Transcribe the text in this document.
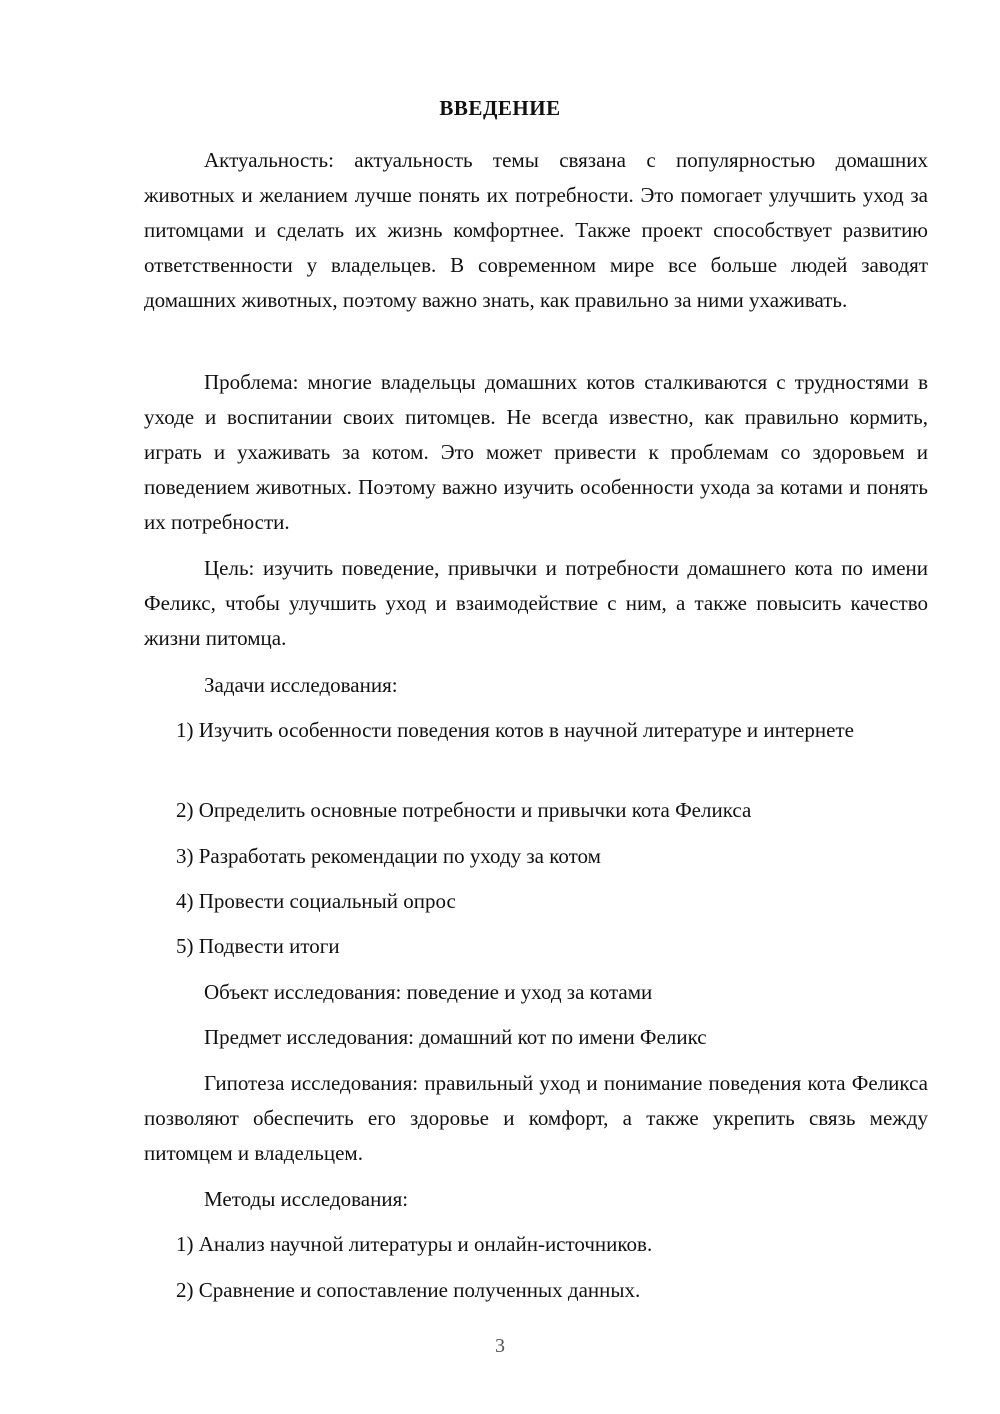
ВВЕДЕНИЕ

Актуальность: актуальность темы связана с популярностью домашних животных и желанием лучше понять их потребности. Это помогает улучшить уход за питомцами и сделать их жизнь комфортнее. Также проект способствует развитию ответственности у владельцев. В современном мире все больше людей заводят домашних животных, поэтому важно знать, как правильно за ними ухаживать.

Проблема: многие владельцы домашних котов сталкиваются с трудностями в уходе и воспитании своих питомцев. Не всегда известно, как правильно кормить, играть и ухаживать за котом. Это может привести к проблемам со здоровьем и поведением животных. Поэтому важно изучить особенности ухода за котами и понять их потребности.

Цель: изучить поведение, привычки и потребности домашнего кота по имени Феликс, чтобы улучшить уход и взаимодействие с ним, а также повысить качество жизни питомца.

Задачи исследования:

1) Изучить особенности поведения котов в научной литературе и интернете

2) Определить основные потребности и привычки кота Феликса

3) Разработать рекомендации по уходу за котом

4) Провести социальный опрос

5) Подвести итоги

Объект исследования: поведение и уход за котами

Предмет исследования: домашний кот по имени Феликс

Гипотеза исследования: правильный уход и понимание поведения кота Феликса позволяют обеспечить его здоровье и комфорт, а также укрепить связь между питомцем и владельцем.

Методы исследования:

1) Анализ научной литературы и онлайн-источников.

2) Сравнение и сопоставление полученных данных.

3
